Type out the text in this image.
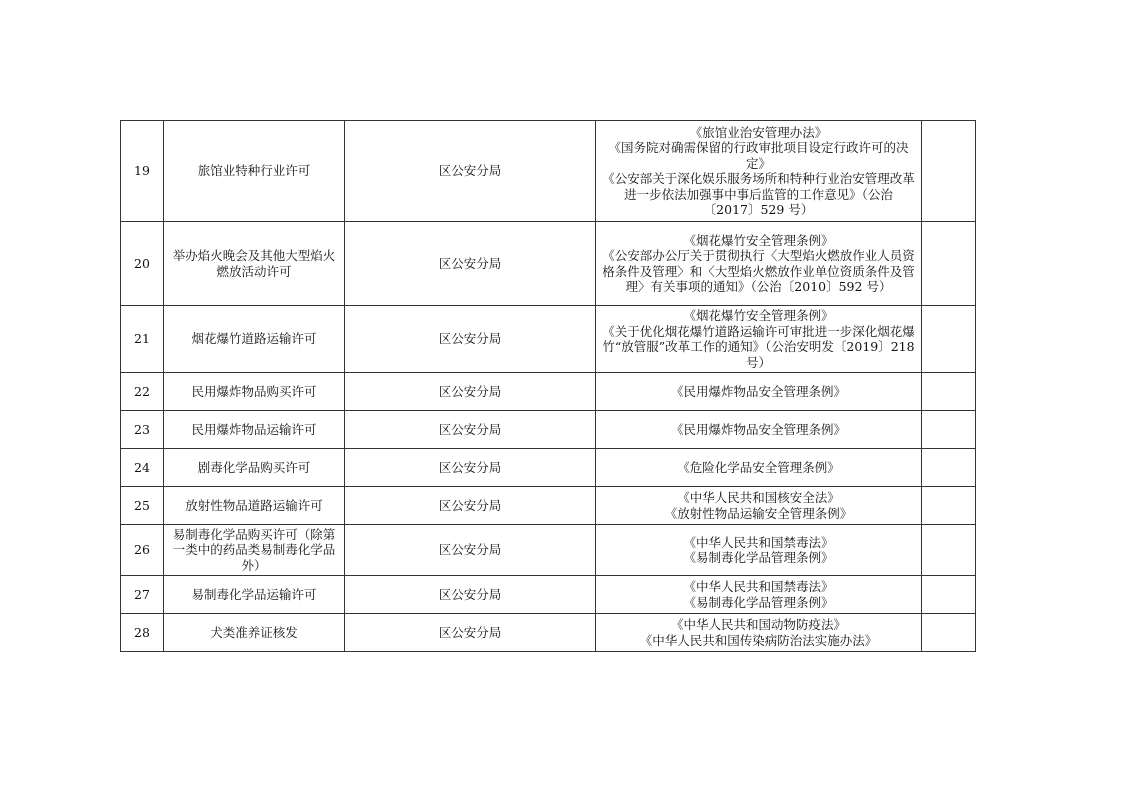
19	旅馆业特种行业许可	区公安分局	《旅馆业治安管理办法》
《国务院对确需保留的行政审批项目设定行政许可的决定》
《公安部关于深化娱乐服务场所和特种行业治安管理改革进一步依法加强事中事后监管的工作意见》（公治〔2017〕529 号）	

20	举办焰火晚会及其他大型焰火燃放活动许可	区公安分局	《烟花爆竹安全管理条例》
《公安部办公厅关于贯彻执行〈大型焰火燃放作业人员资格条件及管理〉和〈大型焰火燃放作业单位资质条件及管理〉有关事项的通知》（公治〔2010〕592 号）	

21	烟花爆竹道路运输许可	区公安分局	《烟花爆竹安全管理条例》
《关于优化烟花爆竹道路运输许可审批进一步深化烟花爆竹“放管服”改革工作的通知》（公治安明发〔2019〕218 号）	

22	民用爆炸物品购买许可	区公安分局	《民用爆炸物品安全管理条例》	

23	民用爆炸物品运输许可	区公安分局	《民用爆炸物品安全管理条例》	

24	剧毒化学品购买许可	区公安分局	《危险化学品安全管理条例》	

25	放射性物品道路运输许可	区公安分局	《中华人民共和国核安全法》
《放射性物品运输安全管理条例》	

26	易制毒化学品购买许可（除第一类中的药品类易制毒化学品外）	区公安分局	《中华人民共和国禁毒法》
《易制毒化学品管理条例》	

27	易制毒化学品运输许可	区公安分局	《中华人民共和国禁毒法》
《易制毒化学品管理条例》	

28	犬类准养证核发	区公安分局	《中华人民共和国动物防疫法》
《中华人民共和国传染病防治法实施办法》	
